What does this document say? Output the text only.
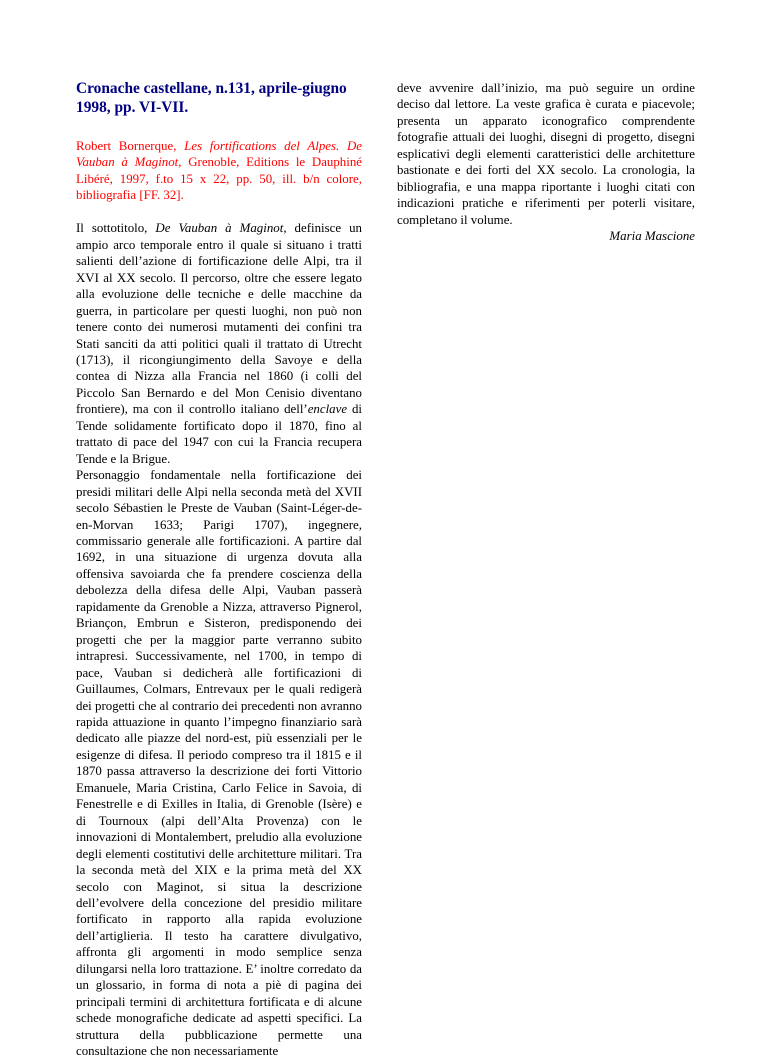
Cronache castellane, n.131, aprile-giugno 1998, pp. VI-VII.
Robert Bornerque, Les fortifications del Alpes. De Vauban à Maginot, Grenoble, Editions le Dauphiné Libéré, 1997, f.to 15 x 22, pp. 50, ill. b/n colore, bibliografia [FF. 32].

Il sottotitolo, De Vauban à Maginot, definisce un ampio arco temporale entro il quale si situano i tratti salienti dell’azione di fortificazione delle Alpi, tra il XVI al XX secolo. Il percorso, oltre che essere legato alla evoluzione delle tecniche e delle macchine da guerra, in particolare per questi luoghi, non può non tenere conto dei numerosi mutamenti dei confini tra Stati sanciti da atti politici quali il trattato di Utrecht (1713), il ricongiungimento della Savoye e della contea di Nizza alla Francia nel 1860 (i colli del Piccolo San Bernardo e del Mon Cenisio diventano frontiere), ma con il controllo italiano dell’enclave di Tende solidamente fortificato dopo il 1870, fino al trattato di pace del 1947 con cui la Francia recupera Tende e la Brigue.

Personaggio fondamentale nella fortificazione dei presidi militari delle Alpi nella seconda metà del XVII secolo Sébastien le Preste de Vauban (Saint-Léger-de-en-Morvan 1633; Parigi 1707), ingegnere, commissario generale alle fortificazioni. A partire dal 1692, in una situazione di urgenza dovuta alla offensiva savoiarda che fa prendere coscienza della debolezza della difesa delle Alpi, Vauban passerà rapidamente da Grenoble a Nizza, attraverso Pignerol, Briançon, Embrun e Sisteron, predisponendo dei progetti che per la maggior parte verranno subito intrapresi. Successivamente, nel 1700, in tempo di pace, Vauban si dedicherà alle fortificazioni di Guillaumes, Colmars, Entrevaux per le quali redigerà dei progetti che al contrario dei precedenti non avranno rapida attuazione in quanto l’impegno finanziario sarà dedicato alle piazze del nord-est, più essenziali per le esigenze di difesa. Il periodo compreso tra il 1815 e il 1870 passa attraverso la descrizione dei forti Vittorio Emanuele, Maria Cristina, Carlo Felice in Savoia, di Fenestrelle e di Exilles in Italia, di Grenoble (Isère) e di Tournoux (alpi dell’Alta Provenza) con le innovazioni di Montalembert, preludio alla evoluzione degli elementi costitutivi delle architetture militari. Tra la seconda metà del XIX e la prima metà del XX secolo con Maginot, si situa la descrizione dell’evolvere della concezione del presidio militare fortificato in rapporto alla rapida evoluzione dell’artiglieria. Il testo ha carattere divulgativo, affronta gli argomenti in modo semplice senza dilungarsi nella loro trattazione. E’ inoltre corredato da un glossario, in forma di nota a piè di pagina dei principali termini di architettura fortificata e di alcune schede monografiche dedicate ad aspetti specifici. La struttura della pubblicazione permette una consultazione che non necessariamente

deve avvenire dall’inizio, ma può seguire un ordine deciso dal lettore. La veste grafica è curata e piacevole; presenta un apparato iconografico comprendente fotografie attuali dei luoghi, disegni di progetto, disegni esplicativi degli elementi caratteristici delle architetture bastionate e dei forti del XX secolo. La cronologia, la bibliografia, e una mappa riportante i luoghi citati con indicazioni pratiche e riferimenti per poterli visitare, completano il volume.

Maria Mascione
